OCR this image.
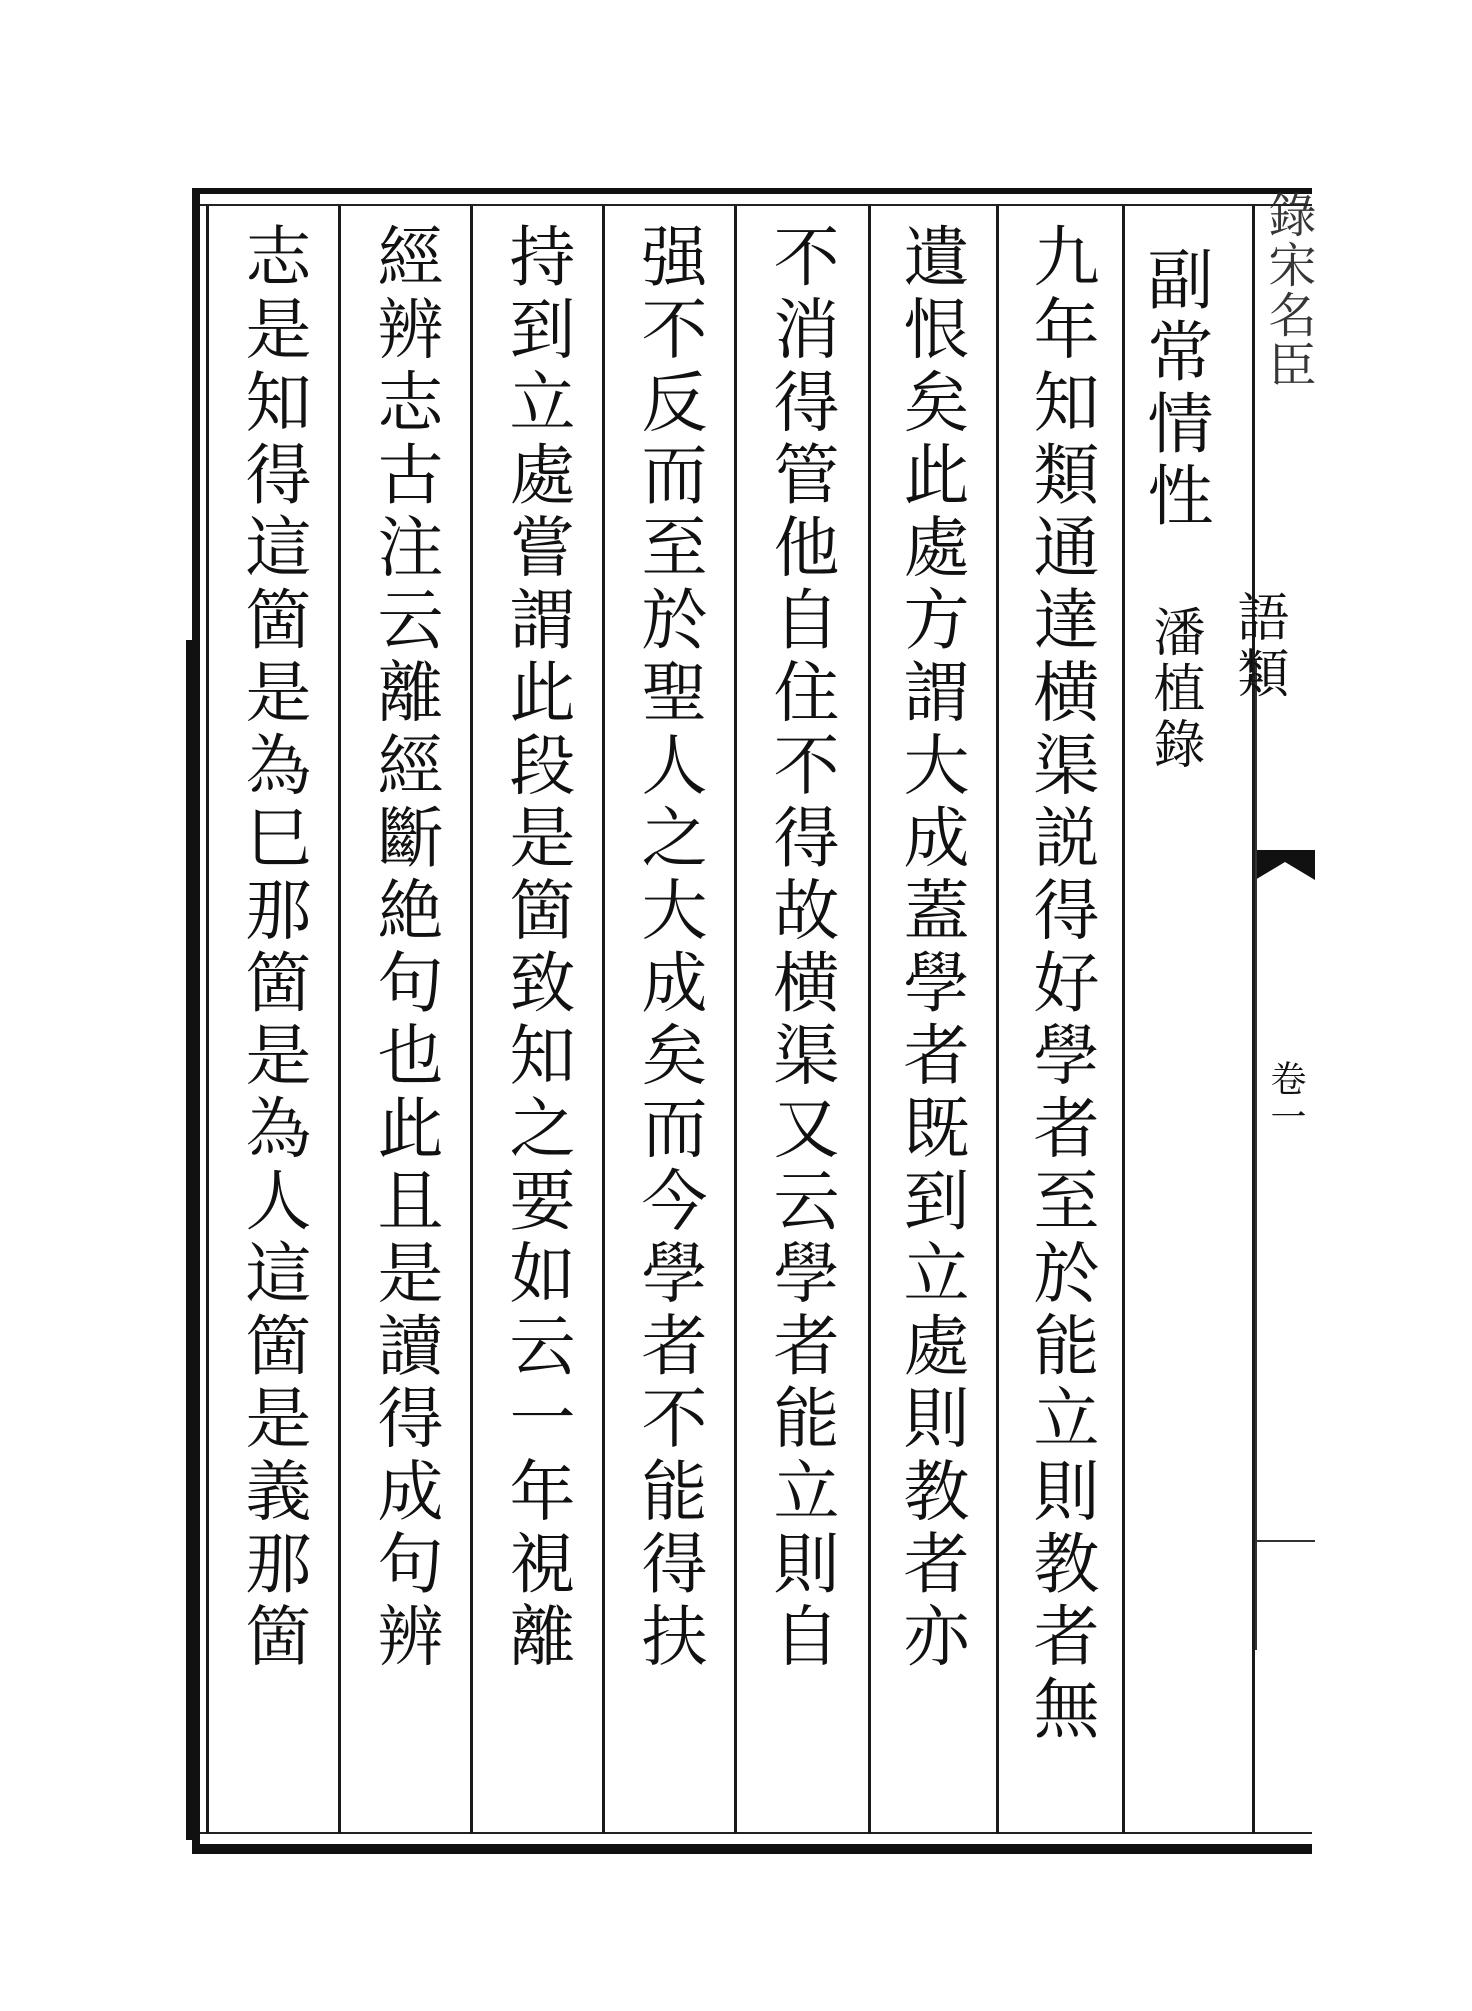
錄宋名臣
卷一
副常情性
語類
潘植錄
九年知類通達横渠説得好學者至於能立則教者無
遺恨矣此處方謂大成蓋學者既到立處則教者亦
不消得管他自住不得故横渠又云學者能立則自
强不反而至於聖人之大成矣而今學者不能得扶
持到立處嘗謂此段是箇致知之要如云一年視離
經辨志古注云離經斷絶句也此且是讀得成句辨
志是知得這箇是為巳那箇是為人這箇是義那箇
